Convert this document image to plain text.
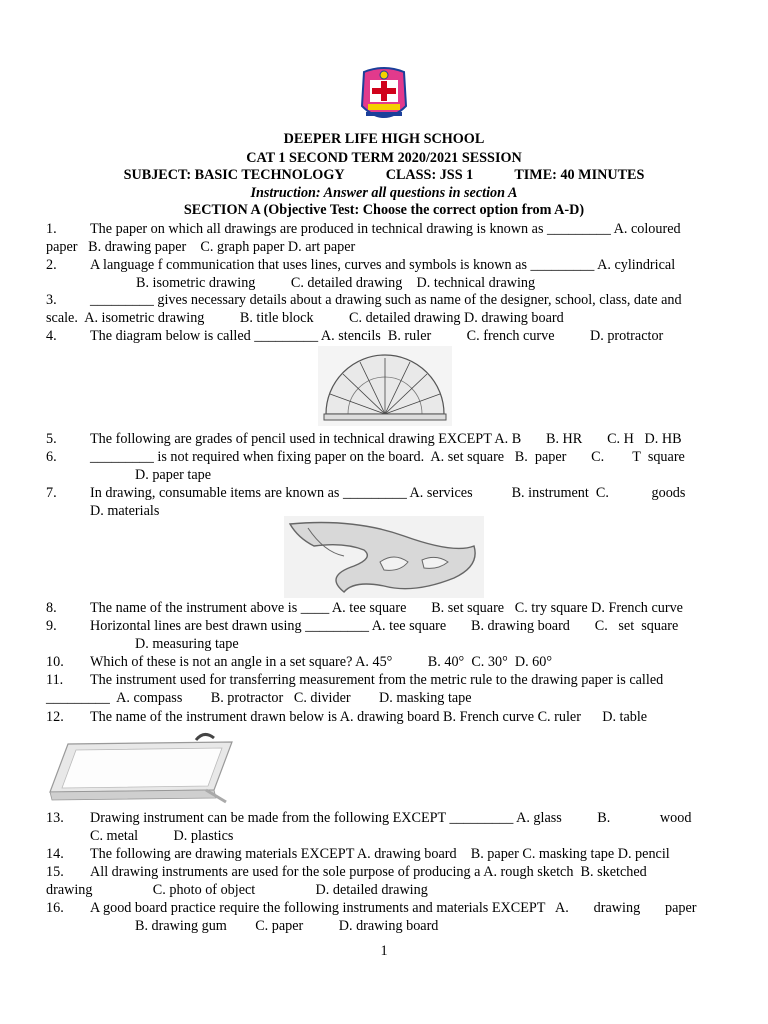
DEEPER LIFE HIGH SCHOOL
CAT 1 SECOND TERM 2020/2021 SESSION
SUBJECT: BASIC TECHNOLOGY	CLASS: JSS 1	TIME: 40 MINUTES
Instruction: Answer all questions in section A
SECTION A (Objective Test: Choose the correct option from A-D)
1. The paper on which all drawings are produced in technical drawing is known as _________ A. coloured
paper   B. drawing paper    C. graph paper D. art paper
2. A language f communication that uses lines, curves and symbols is known as _________ A. cylindrical
B. isometric drawing          C. detailed drawing    D. technical drawing
3. _________ gives necessary details about a drawing such as name of the designer, school, class, date and
scale.  A. isometric drawing          B. title block          C. detailed drawing D. drawing board
4. The diagram below is called _________ A. stencils  B. ruler          C. french curve          D. protractor
5. The following are grades of pencil used in technical drawing EXCEPT A. B       B. HR       C. H   D. HB
6. _________ is not required when fixing paper on the board.  A. set square   B.  paper       C.        T  square
D. paper tape
7. In drawing, consumable items are known as _________ A. services           B. instrument  C.            goods
D. materials
8. The name of the instrument above is ____ A. tee square       B. set square   C. try square D. French curve
9. Horizontal lines are best drawn using _________ A. tee square       B. drawing board       C.   set  square
D. measuring tape
10. Which of these is not an angle in a set square? A. 45°          B. 40°  C. 30°  D. 60°
11. The instrument used for transferring measurement from the metric rule to the drawing paper is called
_________  A. compass        B. protractor   C. divider        D. masking tape
12. The name of the instrument drawn below is A. drawing board B. French curve C. ruler      D. table
13. Drawing instrument can be made from the following EXCEPT _________ A. glass          B.              wood
C. metal          D. plastics
14. The following are drawing materials EXCEPT A. drawing board    B. paper C. masking tape D. pencil
15. All drawing instruments are used for the sole purpose of producing a A. rough sketch  B. sketched
drawing                 C. photo of object                 D. detailed drawing
16. A good board practice require the following instruments and materials EXCEPT   A.       drawing       paper
B. drawing gum        C. paper          D. drawing board
1
